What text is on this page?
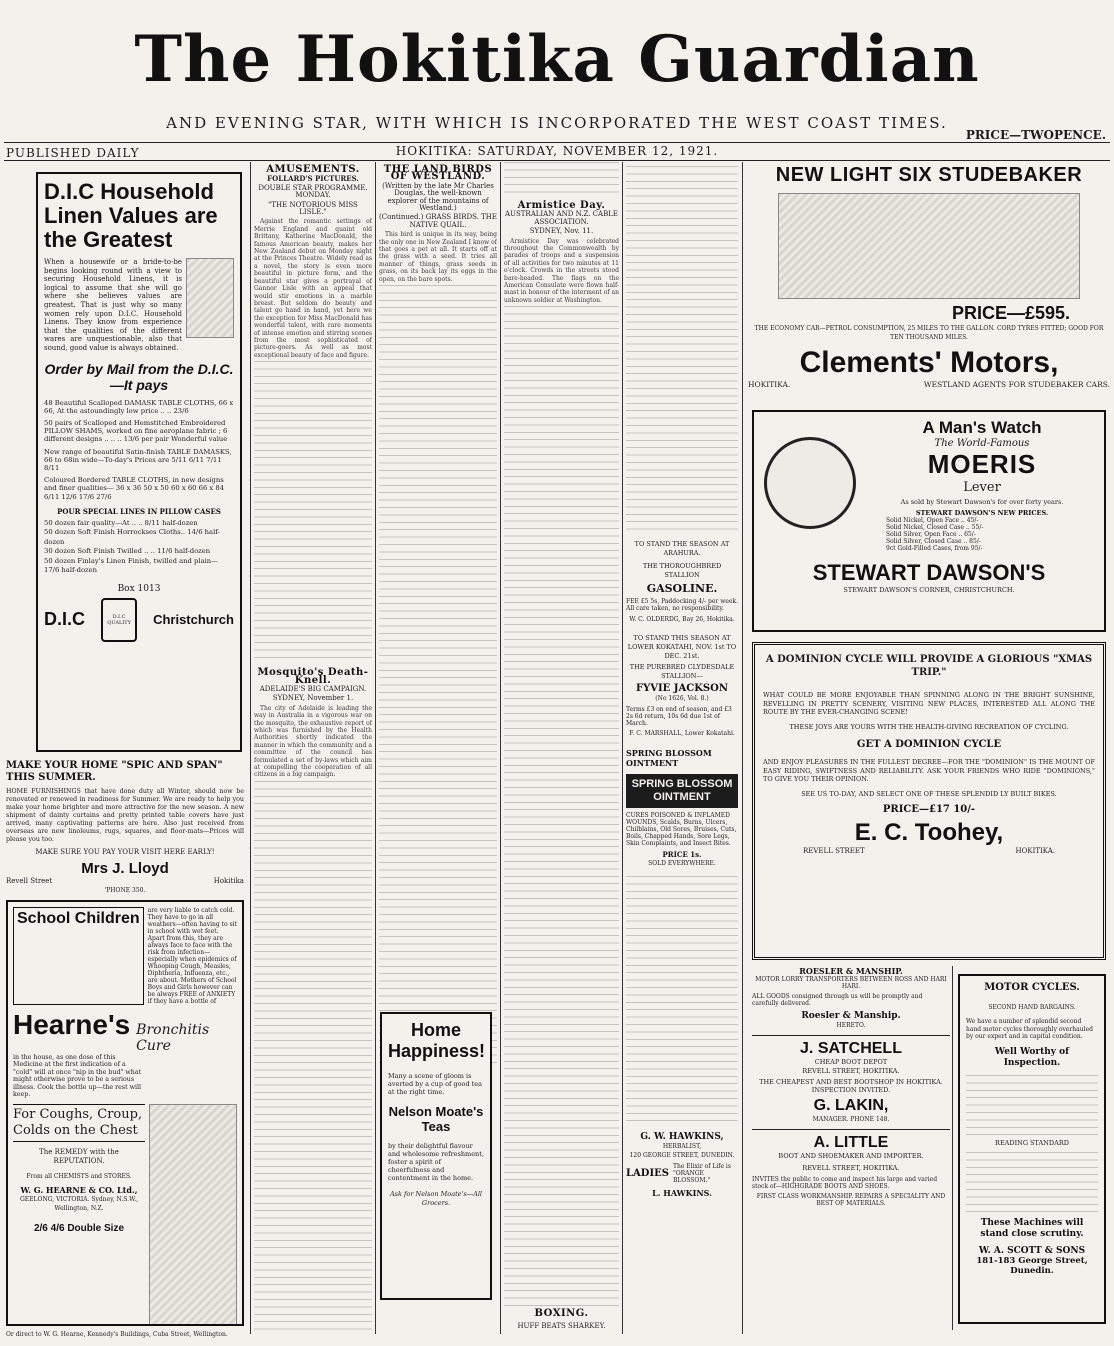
The Hokitika Guardian
AND EVENING STAR, WITH WHICH IS INCORPORATED THE WEST COAST TIMES.
PRICE—TWOPENCE.
PUBLISHED DAILY	HOKITIKA: SATURDAY, NOVEMBER 12, 1921.
D.I.C Household Linen Values are the Greatest
When a housewife or a bride-to-be begins looking round with a view to securing Household Linens, it is logical to assume that she will go where she believes values are greatest. That is just why so many women rely upon D.I.C. Household Linens. They know from experience that the qualities of the different wares are unquestionable, also that sound, good value is always obtained.
Order by Mail from the D.I.C.—It pays

48 Beautiful Scalloped DAMASK TABLE CLOTHS, 66 x 66, At the astoundingly low price .. .. 23/6

50 pairs of Scalloped and Hemstitched Embroidered PILLOW SHAMS, worked on fine aeroplane fabric ; 6 different designs .. .. .. 13/6 per pair Wonderful value

New range of beautiful Satin-finish TABLE DAMASKS, 66 to 68in wide—To-day's Prices are 5/11 6/11 7/11 8/11

Coloured Bordered TABLE CLOTHS, in new designs and finer qualities— 36 x 36 50 x 50 60 x 60 66 x 84 6/11 12/6 17/6 27/6

POUR SPECIAL LINES IN PILLOW CASES
50 dozen fair quality—At .. .. 8/11 half-dozen
50 dozen Soft Finish Horrockses Cloths.. 14/6 half-dozen
30 dozen Soft Finish Twilled .. .. 11/6 half-dozen
50 dozen Finlay's Linen Finish, twilled and plain— 17/6 half-dozen
Box 1013
D.I.C	D.I.C QUALITY	Christchurch
MAKE YOUR HOME "SPIC AND SPAN" THIS SUMMER.
HOME FURNISHINGS that have done duty all Winter, should now be renovated or renewed in readiness for Summer. We are ready to help you make your home brighter and more attractive for the new season. A new shipment of dainty curtains and pretty printed table covers have just arrived, many captivating patterns are here. Also just received from overseas are new linoleums, rugs, squares, and floor-mats—Prices will please you too.
MAKE SURE YOU PAY YOUR VISIT HERE EARLY!
Mrs J. Lloyd
Revell Street	Hokitika
'PHONE 350.
School Children	are very liable to catch cold. They have to go in all weathers—often having to sit in school with wet feet. Apart from this, they are always face to face with the risk from infection—especially when epidemics of Whooping Cough, Measles, Diphtheria, Influenza, etc., are about. Mothers of School Boys and Girls however can be always FREE of ANXIETY if they have a bottle of
Hearne's Bronchitis Cure
in the house, as one dose of this Medicine at the first indication of a "cold" will at once "nip in the bud" what might otherwise prove to be a serious illness. Cook the bottle up—the rest will keep.
For Coughs, Croup, Colds on the Chest
The REMEDY with the REPUTATION.
From all CHEMISTS and STORES.
W. G. HEARNE & CO. Ltd.,
GEELONG, VICTORIA. Sydney, N.S.W., Wellington, N.Z.
2/6 4/6 Double Size
Or direct to W. G. Hearne, Kennedy's Buildings, Cuba Street, Wellington.
AMUSEMENTS.
FOLLARD'S PICTURES.
DOUBLE STAR PROGRAMME. MONDAY.
"THE NOTORIOUS MISS LISLE."

Against the romantic settings of Merrie England and quaint old Brittany, Katherine MacDonald, the famous American beauty, makes her New Zealand debut on Monday night at the Princes Theatre. Widely read as a novel, the story is even more beautiful in picture form, and the beautiful star gives a portrayal of Gannor Lisle with an appeal that would stir emotions in a marble breast. But seldom do beauty and talent go hand in hand, yet here we the exception for Miss MacDonald has wonderful talent, with rare moments of intense emotion and stirring scenes from the most sophisticated of picture-goers. As well as most exceptional beauty of face and figure.

Mosquito's Death-Knell.
ADELAIDE'S BIG CAMPAIGN.
SYDNEY, November 1.

The city of Adelaide is leading the way in Australia in a vigorous war on the mosquito, the exhaustive report of which was furnished by the Health Authorities shortly indicated the manner in which the community and a committee of the council has formulated a set of by-laws which aim at compelling the cooperation of all citizens in a big campaign.

THE LAND BIRDS OF WESTLAND.
(Written by the late Mr Charles Douglas, the well-known explorer of the mountains of Westland.)
(Continued.) GRASS BIRDS. THE NATIVE QUAIL.

This bird is unique in its way, being the only one in New Zealand I know of that goes a pet at all. It starts off at the grass with a seed. It tries all manner of things, grass seeds in grass, on its back lay its eggs in the open, on the bare spots.

Home Happiness!
Many a scene of gloom is averted by a cup of good tea at the right time.
Nelson Moate's Teas
by their delightful flavour and wholesome refreshment, foster a spirit of cheerfulness and contentment in the home.
Ask for Nelson Moate's—All Grocers.
Armistice Day.
AUSTRALIAN AND N.Z. CABLE ASSOCIATION.
SYDNEY, Nov. 11.

Armistice Day was celebrated throughout the Commonwealth by parades of troops and a suspension of all activities for two minutes at 11 o'clock. Crowds in the streets stood bare-headed. The flags on the American Consulate were flown half-mast in honour of the interment of an unknown soldier at Washington.

BOXING.
HUFF BEATS SHARKEY.
TO STAND THE SEASON AT ARAHURA.
THE THOROUGHBRED STALLION
GASOLINE.
FEE £5 5s, Paddocking 4/- per week. All care taken, no responsibility.
W. C. OLDERDG, Bay 26, Hokitika.
TO STAND THIS SEASON AT LOWER KOKATAHI, NOV. 1st TO DEC. 21st.
THE PUREBRED CLYDESDALE STALLION—
FYVIE JACKSON
(No 1626, Vol. 8.)
Terms £3 on end of season, and £3 2s 6d return, 10s 6d due 1st of March.
F. C. MARSHALL, Lower Kokatahi.
SPRING BLOSSOM OINTMENT
SPRING BLOSSOM OINTMENT
CURES POISONED & INFLAMED WOUNDS, Scalds, Burns, Ulcers, Chilblains, Old Sores, Bruises, Cuts, Boils, Chapped Hands, Sore Legs, Skin Complaints, and Insect Bites.
PRICE 1s.
SOLD EVERYWHERE.
G. W. HAWKINS,
HERBALIST,
120 GEORGE STREET, DUNEDIN.
LADIES
The Elixir of Life is "ORANGE BLOSSOM."
L. HAWKINS.
NEW LIGHT SIX STUDEBAKER
PRICE—£595.
THE ECONOMY CAR—PETROL CONSUMPTION, 25 MILES TO THE GALLON. CORD TYRES FITTED; GOOD FOR TEN THOUSAND MILES.
Clements' Motors,
HOKITIKA.	WESTLAND AGENTS FOR STUDEBAKER CARS.
A Man's Watch
The World-Famous
MOERIS
Lever
As sold by Stewart Dawson's for over forty years.
STEWART DAWSON'S NEW PRICES.
Solid Nickel, Open Face .. 45/-
Solid Nickel, Closed Case .. 55/-
Solid Silver, Open Face .. 65/-
Solid Silver, Closed Case .. 85/-
9ct Gold-Filled Cases, from 95/-
STEWART DAWSON'S
STEWART DAWSON'S CORNER, CHRISTCHURCH.
A DOMINION CYCLE WILL PROVIDE A GLORIOUS "XMAS TRIP."
WHAT COULD BE MORE ENJOYABLE THAN SPINNING ALONG IN THE BRIGHT SUNSHINE, REVELLING IN PRETTY SCENERY, VISITING NEW PLACES, INTERESTED ALL ALONG THE ROUTE BY THE EVER-CHANGING SCENE!
THESE JOYS ARE YOURS WITH THE HEALTH-GIVING RECREATION OF CYCLING.
GET A DOMINION CYCLE
AND ENJOY PLEASURES IN THE FULLEST DEGREE—FOR THE "DOMINION" IS THE MOUNT OF EASY RIDING, SWIFTNESS AND RELIABILITY. ASK YOUR FRIENDS WHO RIDE "DOMINIONS," TO GIVE YOU THEIR OPINION.
SEE US TO-DAY, AND SELECT ONE OF THESE SPLENDID LY BUILT BIKES.
PRICE—£17 10/-
E. C. Toohey,
REVELL STREET	HOKITIKA.
ROESLER & MANSHIP.
MOTOR LORRY TRANSPORTERS BETWEEN ROSS AND HARI HARI.
ALL GOODS consigned through us will be promptly and carefully delivered.
Roesler & Manship.
HERETO.
J. SATCHELL
CHEAP BOOT DEPOT
REVELL STREET, HOKITIKA.
THE CHEAPEST AND BEST BOOTSHOP IN HOKITIKA. INSPECTION INVITED.
G. LAKIN,
MANAGER. PHONE 148.
A. LITTLE
BOOT AND SHOEMAKER AND IMPORTER.
REVELL STREET, HOKITIKA.
INVITES the public to come and inspect his large and varied stock of—HIGHGRADE BOOTS AND SHOES.
FIRST CLASS WORKMANSHIP. REPAIRS A SPECIALITY AND BEST OF MATERIALS.
MOTOR CYCLES.
SECOND HAND BARGAINS.
We have a number of splendid second hand motor cycles thoroughly overhauled by our expert and in capital condition.
Well Worthy of Inspection.
READING STANDARD
These Machines will stand close scrutiny.
W. A. SCOTT & SONS
181-183 George Street,
Dunedin.
